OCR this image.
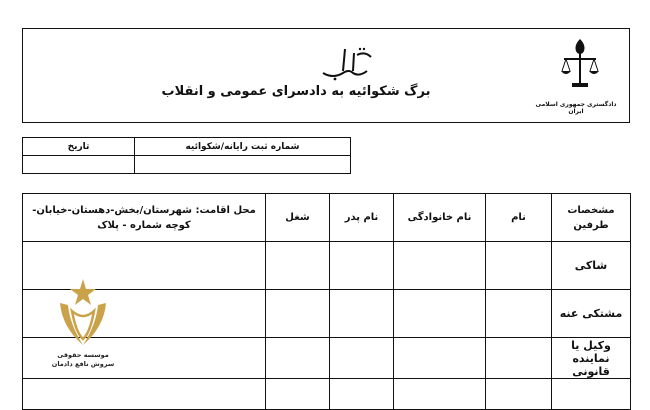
برگ شکوائیه به دادسرای عمومی و انقلاب
دادگستری جمهوری اسلامی ایران
شماره ثبت رایانه/شکوائیه	تاریخ

مشخصات طرفین	نام	نام خانوادگی	نام پدر	شغل	محل اقامت: شهرستان/بخش-دهستان-خیابان-کوچه شماره - پلاک
شاکی					
مشتکی عنه					
وکیل یا نماینده قانونی					

موسسه حقوقی
سروش نافع دادمان
